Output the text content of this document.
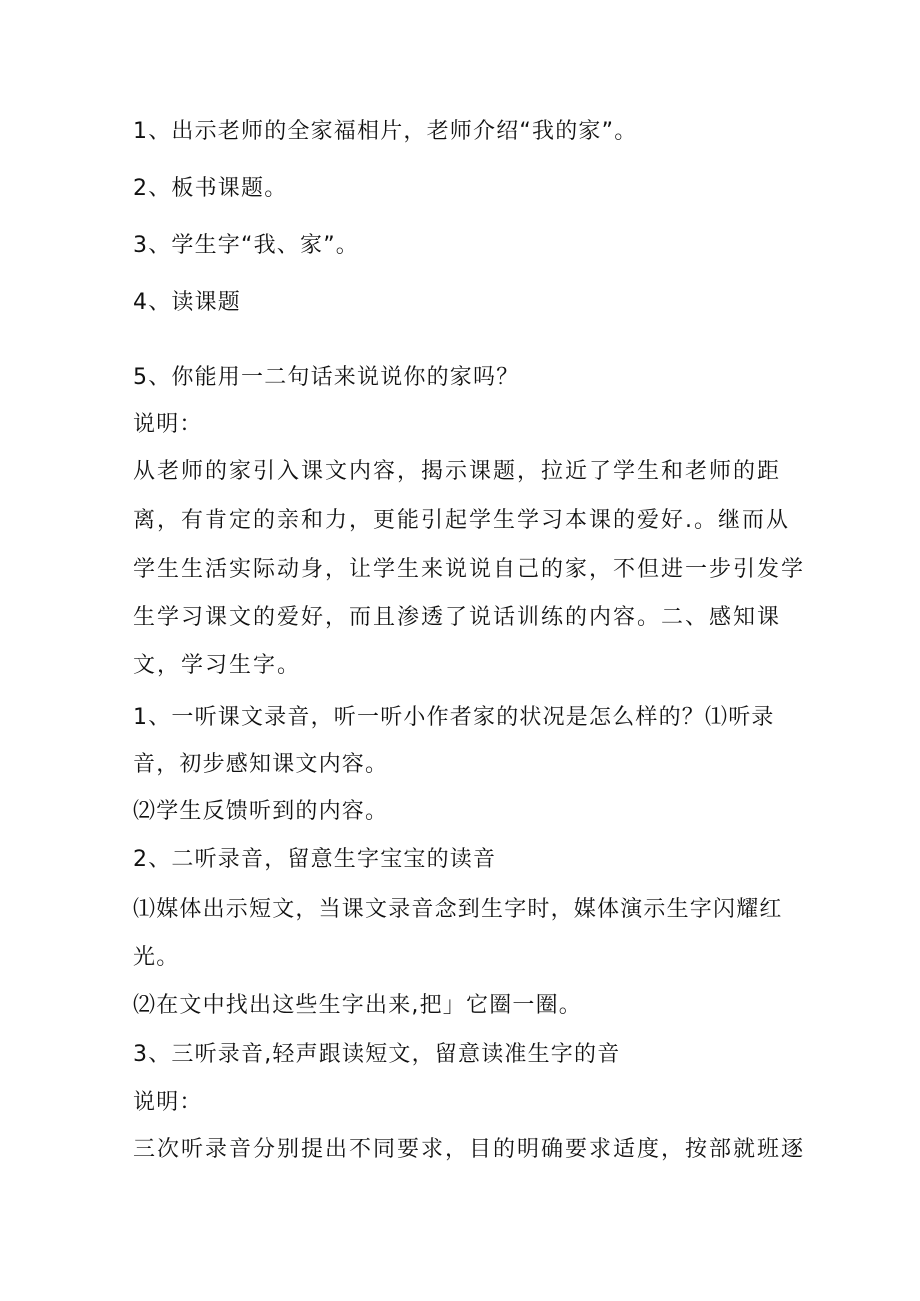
1、出示老师的全家福相片，老师介绍“我的家”。
2、板书课题。
3、学生字“我、家”。
4、读课题
5、你能用一二句话来说说你的家吗？
说明：
从老师的家引入课文内容，揭示课题，拉近了学生和老师的距
离，有肯定的亲和力，更能引起学生学习本课的爱好.。继而从
学生生活实际动身，让学生来说说自己的家，不但进一步引发学
生学习课文的爱好，而且渗透了说话训练的内容。二、感知课
文，学习生字。
1、一听课文录音，听一听小作者家的状况是怎么样的？⑴听录
音，初步感知课文内容。
⑵学生反馈听到的内容。
2、二听录音，留意生字宝宝的读音
⑴媒体出示短文，当课文录音念到生字时，媒体演示生字闪耀红
光。
⑵在文中找出这些生字出来,把」它圈一圈。
3、三听录音,轻声跟读短文，留意读准生字的音
说明：
三次听录音分别提出不同要求，目的明确要求适度，按部就班逐
